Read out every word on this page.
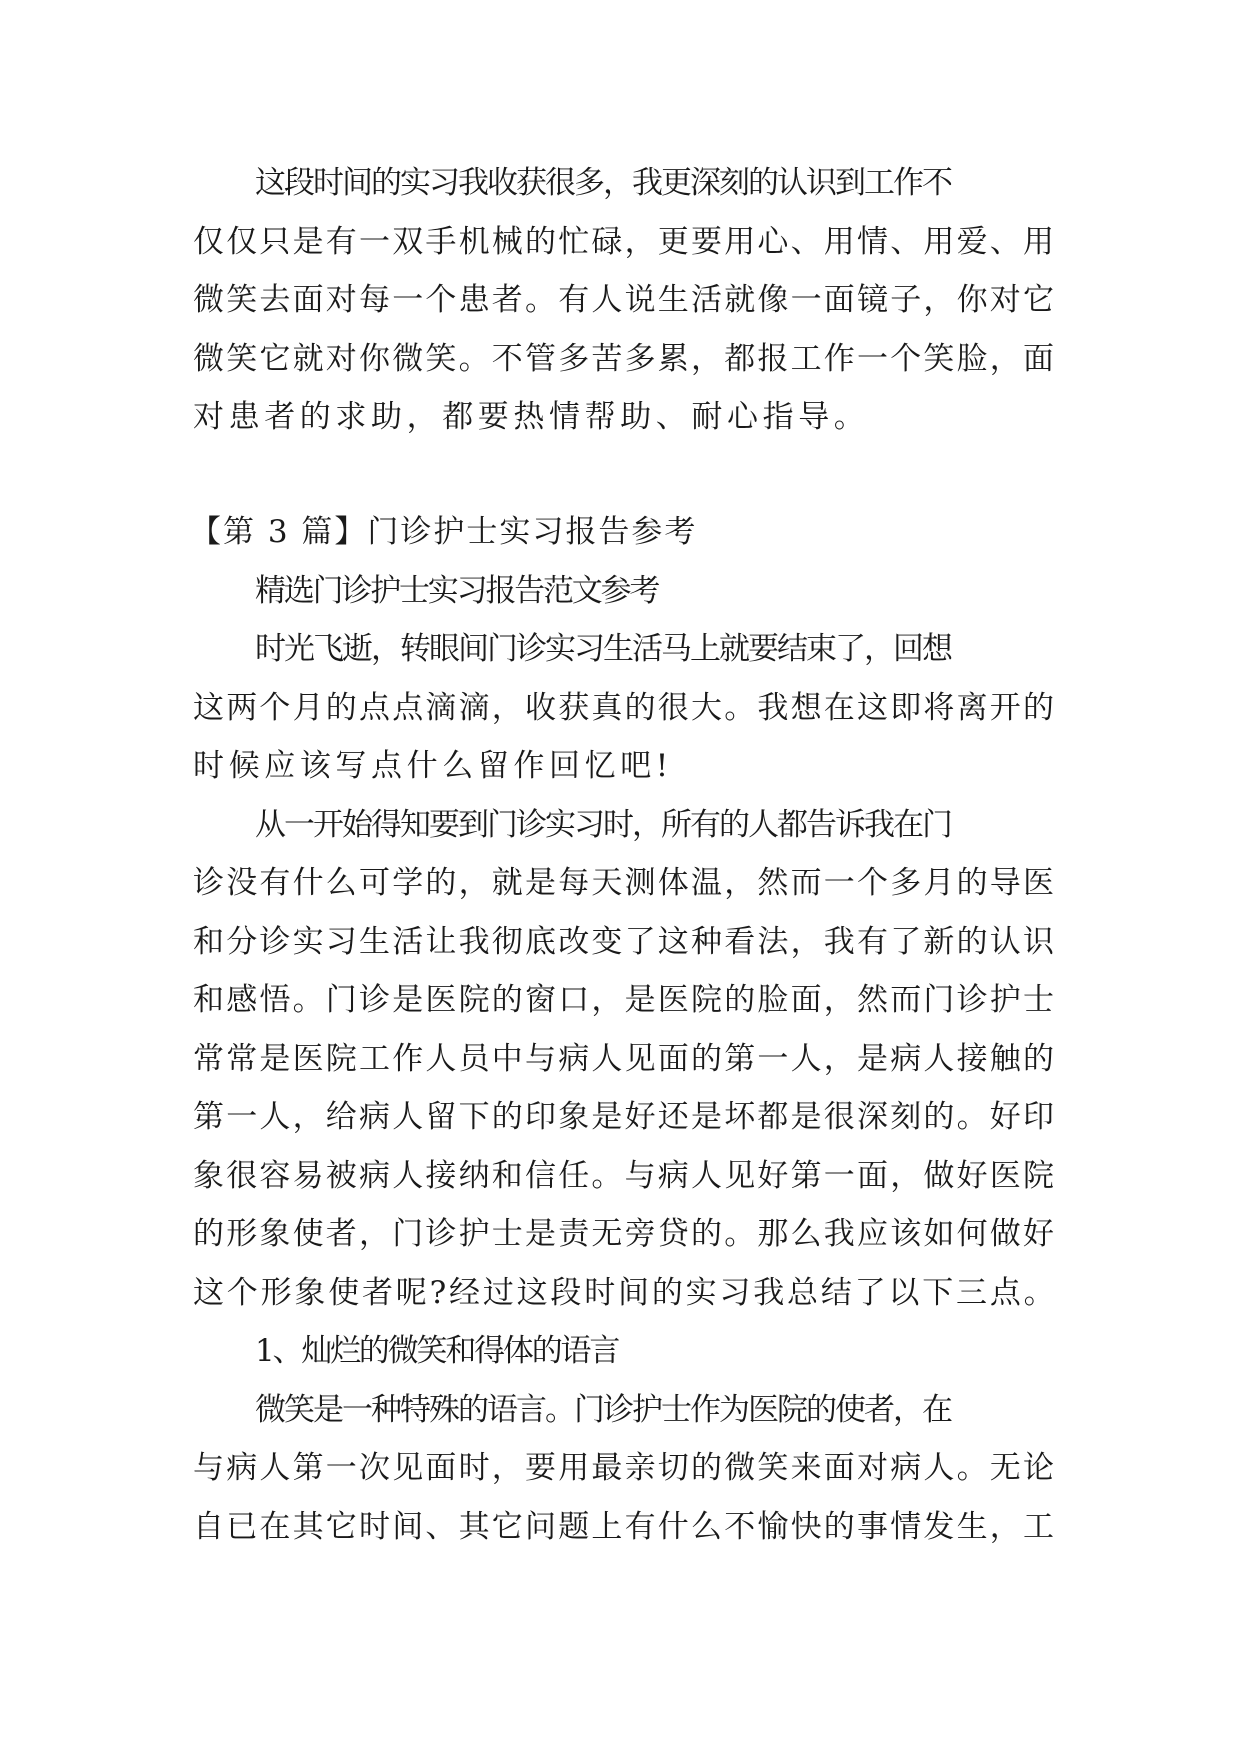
这段时间的实习我收获很多，我更深刻的认识到工作不
仅仅只是有一双手机械的忙碌，更要用心、用情、用爱、用
微笑去面对每一个患者。有人说生活就像一面镜子，你对它
微笑它就对你微笑。不管多苦多累，都报工作一个笑脸，面
对患者的求助，都要热情帮助、耐心指导。
【第 3 篇】门诊护士实习报告参考
精选门诊护士实习报告范文参考
时光飞逝，转眼间门诊实习生活马上就要结束了，回想
这两个月的点点滴滴，收获真的很大。我想在这即将离开的
时候应该写点什么留作回忆吧!
从一开始得知要到门诊实习时，所有的人都告诉我在门
诊没有什么可学的，就是每天测体温，然而一个多月的导医
和分诊实习生活让我彻底改变了这种看法，我有了新的认识
和感悟。门诊是医院的窗口，是医院的脸面，然而门诊护士
常常是医院工作人员中与病人见面的第一人，是病人接触的
第一人，给病人留下的印象是好还是坏都是很深刻的。好印
象很容易被病人接纳和信任。与病人见好第一面，做好医院
的形象使者，门诊护士是责无旁贷的。那么我应该如何做好
这个形象使者呢?经过这段时间的实习我总结了以下三点。
1、灿烂的微笑和得体的语言
微笑是一种特殊的语言。门诊护士作为医院的使者，在
与病人第一次见面时，要用最亲切的微笑来面对病人。无论
自已在其它时间、其它问题上有什么不愉快的事情发生，工
